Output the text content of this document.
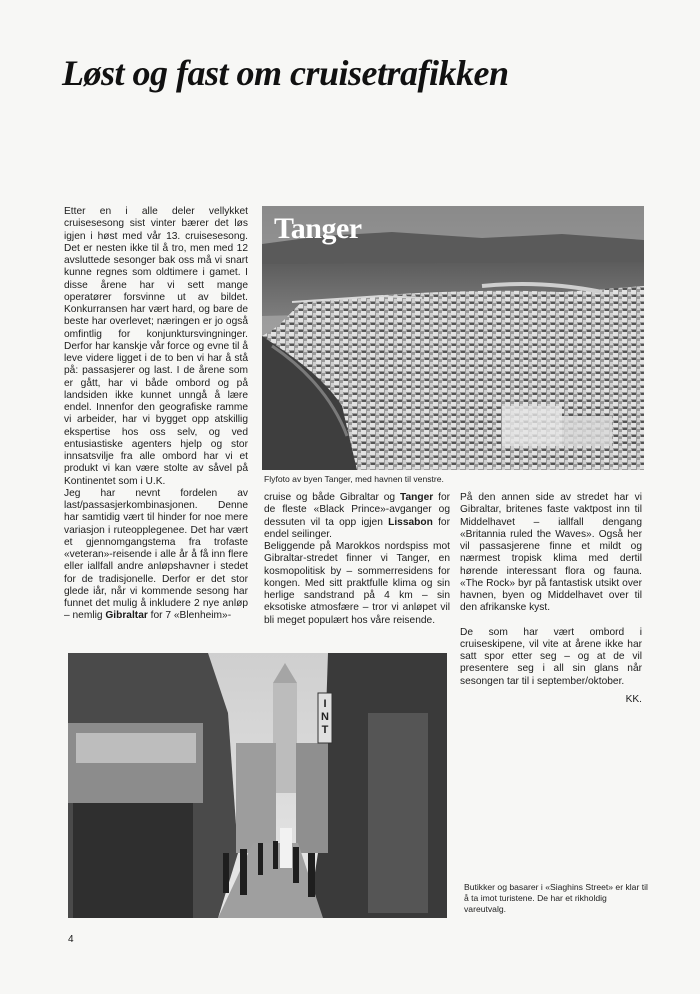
Løst og fast om cruisetrafikken

Etter en i alle deler vellykket cruisesesong sist vinter bærer det løs igjen i høst med vår 13. cruisesesong. Det er nesten ikke til å tro, men med 12 avsluttede sesonger bak oss må vi snart kunne regnes som oldtimere i gamet. I disse årene har vi sett mange operatører forsvinne ut av bildet. Konkurransen har vært hard, og bare de beste har overlevet; næringen er jo også omfintlig for konjunktursvingninger. Derfor har kanskje vår force og evne til å leve videre ligget i de to ben vi har å stå på: passasjerer og last. I de årene som er gått, har vi både ombord og på landsiden ikke kunnet unngå å lære endel. Innenfor den geografiske ramme vi arbeider, har vi bygget opp atskillig ekspertise hos oss selv, og ved entusiastiske agenters hjelp og stor innsatsvilje fra alle ombord har vi et produkt vi kan være stolte av såvel på Kontinentet som i U.K.

Jeg har nevnt fordelen av last/passasjerkombinasjonen. Denne har samtidig vært til hinder for noe mere variasjon i ruteopplegenee. Det har vært et gjennomgangstema fra trofaste «veteran»-reisende i alle år å få inn flere eller iallfall andre anløpshavner i stedet for de tradisjonelle. Derfor er det stor glede iår, når vi kommende sesong har funnet det mulig å inkludere 2 nye anløp – nemlig Gibraltar for 7 «Blenheim»-

Tanger
Flyfoto av byen Tanger, med havnen til venstre.

cruise og både Gibraltar og Tanger for de fleste «Black Prince»-avganger og dessuten vil ta opp igjen Lissabon for endel seilinger.

Beliggende på Marokkos nordspiss mot Gibraltar-stredet finner vi Tanger, en kosmopolitisk by – sommerresidens for kongen. Med sitt praktfulle klima og sin herlige sandstrand på 4 km – sin eksotiske atmosfære – tror vi anløpet vil bli meget populært hos våre reisende.

På den annen side av stredet har vi Gibraltar, britenes faste vaktpost inn til Middelhavet – iallfall dengang «Britannia ruled the Waves». Også her vil passasjerene finne et mildt og nærmest tropisk klima med dertil hørende interessant flora og fauna. «The Rock» byr på fantastisk utsikt over havnen, byen og Middelhavet over til den afrikanske kyst.

De som har vært ombord i cruiseskipene, vil vite at årene ikke har satt spor etter seg – og at de vil presentere seg i all sin glans når sesongen tar til i september/oktober.

KK.
I
N
T
Butikker og basarer i «Siaghins Street» er klar til å ta imot turistene. De har et rikholdig vareutvalg.
4
